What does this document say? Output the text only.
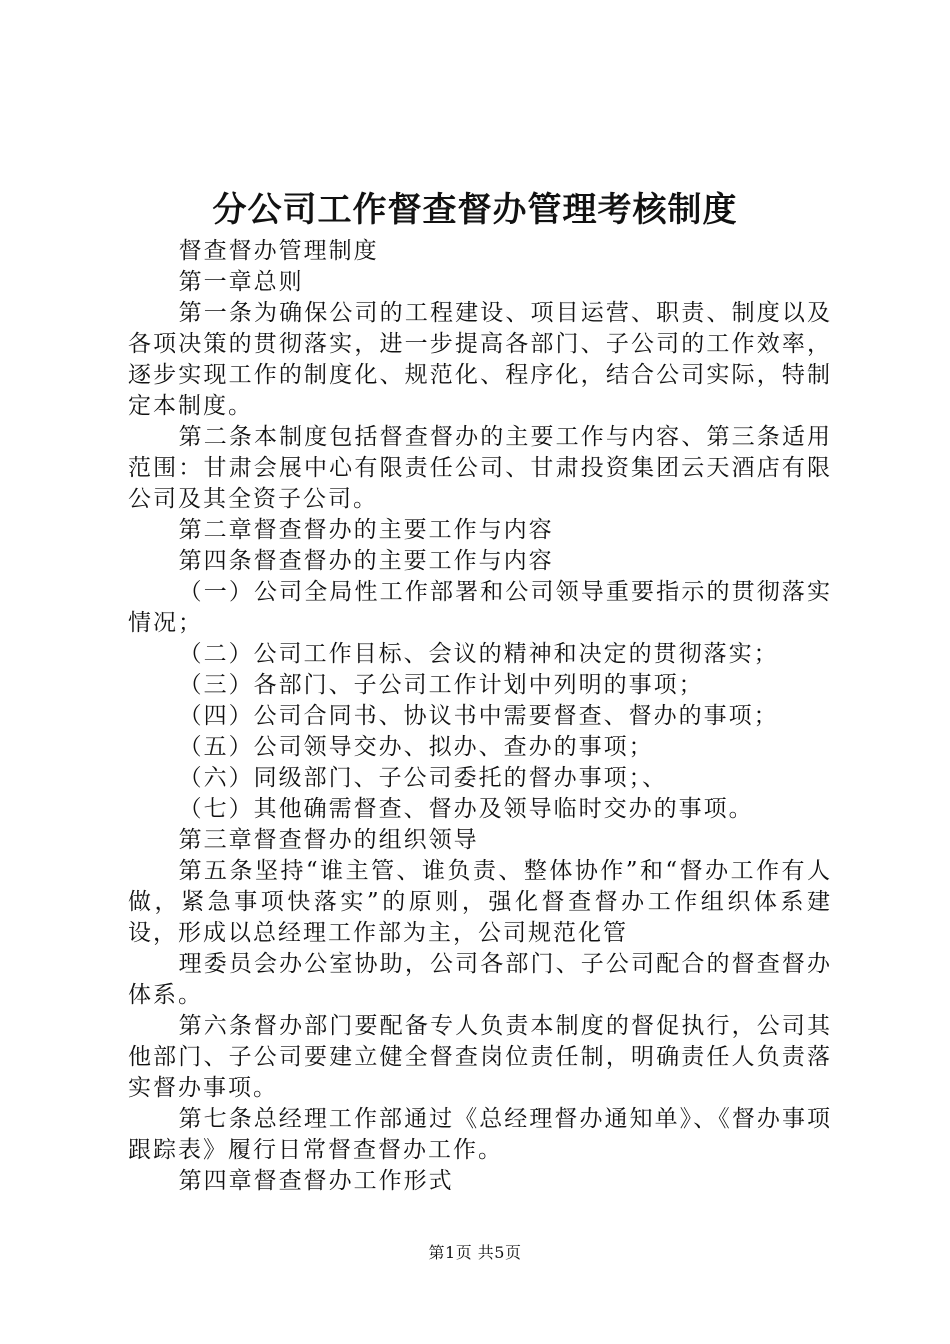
分公司工作督查督办管理考核制度

督查督办管理制度

第一章总则

第一条为确保公司的工程建设、项目运营、职责、制度以及各项决策的贯彻落实，进一步提高各部门、子公司的工作效率，逐步实现工作的制度化、规范化、程序化，结合公司实际，特制定本制度。

第二条本制度包括督查督办的主要工作与内容、第三条适用范围：甘肃会展中心有限责任公司、甘肃投资集团云天酒店有限公司及其全资子公司。

第二章督查督办的主要工作与内容

第四条督查督办的主要工作与内容

（一）公司全局性工作部署和公司领导重要指示的贯彻落实情况；

（二）公司工作目标、会议的精神和决定的贯彻落实；

（三）各部门、子公司工作计划中列明的事项；

（四）公司合同书、协议书中需要督查、督办的事项；

（五）公司领导交办、拟办、查办的事项；

（六）同级部门、子公司委托的督办事项；、

（七）其他确需督查、督办及领导临时交办的事项。

第三章督查督办的组织领导

第五条坚持“谁主管、谁负责、整体协作”和“督办工作有人做，紧急事项快落实”的原则，强化督查督办工作组织体系建设，形成以总经理工作部为主，公司规范化管

理委员会办公室协助，公司各部门、子公司配合的督查督办体系。

第六条督办部门要配备专人负责本制度的督促执行，公司其他部门、子公司要建立健全督查岗位责任制，明确责任人负责落实督办事项。

第七条总经理工作部通过《总经理督办通知单》、《督办事项跟踪表》履行日常督查督办工作。

第四章督查督办工作形式

第1页 共5页
